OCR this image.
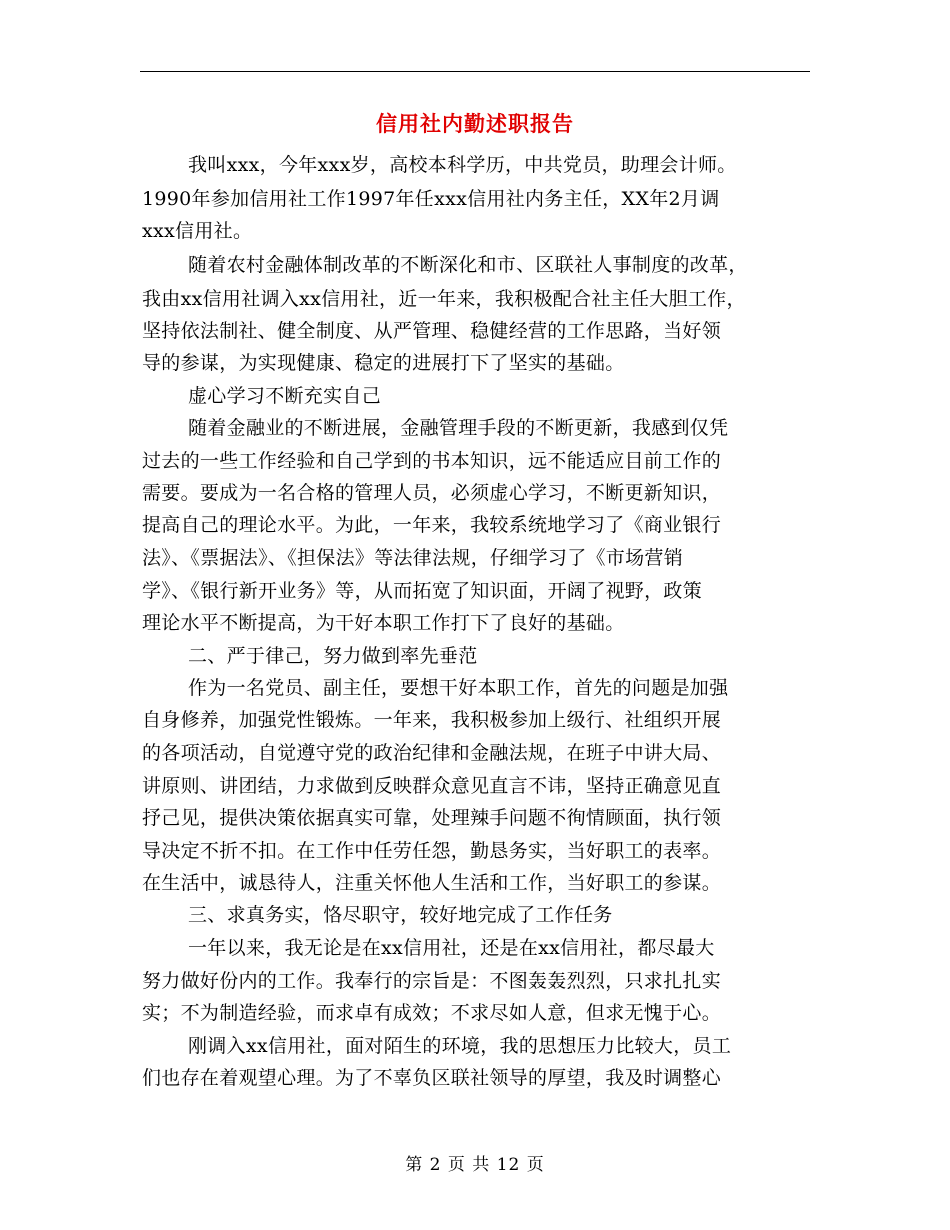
信用社内勤述职报告
我叫xxx，今年xxx岁，高校本科学历，中共党员，助理会计师。
1990年参加信用社工作1997年任xxx信用社内务主任，XX年2月调
xxx信用社。
随着农村金融体制改革的不断深化和市、区联社人事制度的改革，
我由xx信用社调入xx信用社，近一年来，我积极配合社主任大胆工作，
坚持依法制社、健全制度、从严管理、稳健经营的工作思路，当好领
导的参谋，为实现健康、稳定的进展打下了坚实的基础。
虚心学习不断充实自己
随着金融业的不断进展，金融管理手段的不断更新，我感到仅凭
过去的一些工作经验和自己学到的书本知识，远不能适应目前工作的
需要。要成为一名合格的管理人员，必须虚心学习，不断更新知识，
提高自己的理论水平。为此，一年来，我较系统地学习了《商业银行
法》、《票据法》、《担保法》等法律法规，仔细学习了《市场营销
学》、《银行新开业务》等，从而拓宽了知识面，开阔了视野，政策
理论水平不断提高，为干好本职工作打下了良好的基础。
二、严于律己，努力做到率先垂范
作为一名党员、副主任，要想干好本职工作，首先的问题是加强
自身修养，加强党性锻炼。一年来，我积极参加上级行、社组织开展
的各项活动，自觉遵守党的政治纪律和金融法规，在班子中讲大局、
讲原则、讲团结，力求做到反映群众意见直言不讳，坚持正确意见直
抒己见，提供决策依据真实可靠，处理辣手问题不徇情顾面，执行领
导决定不折不扣。在工作中任劳任怨，勤恳务实，当好职工的表率。
在生活中，诚恳待人，注重关怀他人生活和工作，当好职工的参谋。
三、求真务实，恪尽职守，较好地完成了工作任务
一年以来，我无论是在xx信用社，还是在xx信用社，都尽最大
努力做好份内的工作。我奉行的宗旨是：不图轰轰烈烈，只求扎扎实
实；不为制造经验，而求卓有成效；不求尽如人意，但求无愧于心。
刚调入xx信用社，面对陌生的环境，我的思想压力比较大，员工
们也存在着观望心理。为了不辜负区联社领导的厚望，我及时调整心
第 2 页 共 12 页
